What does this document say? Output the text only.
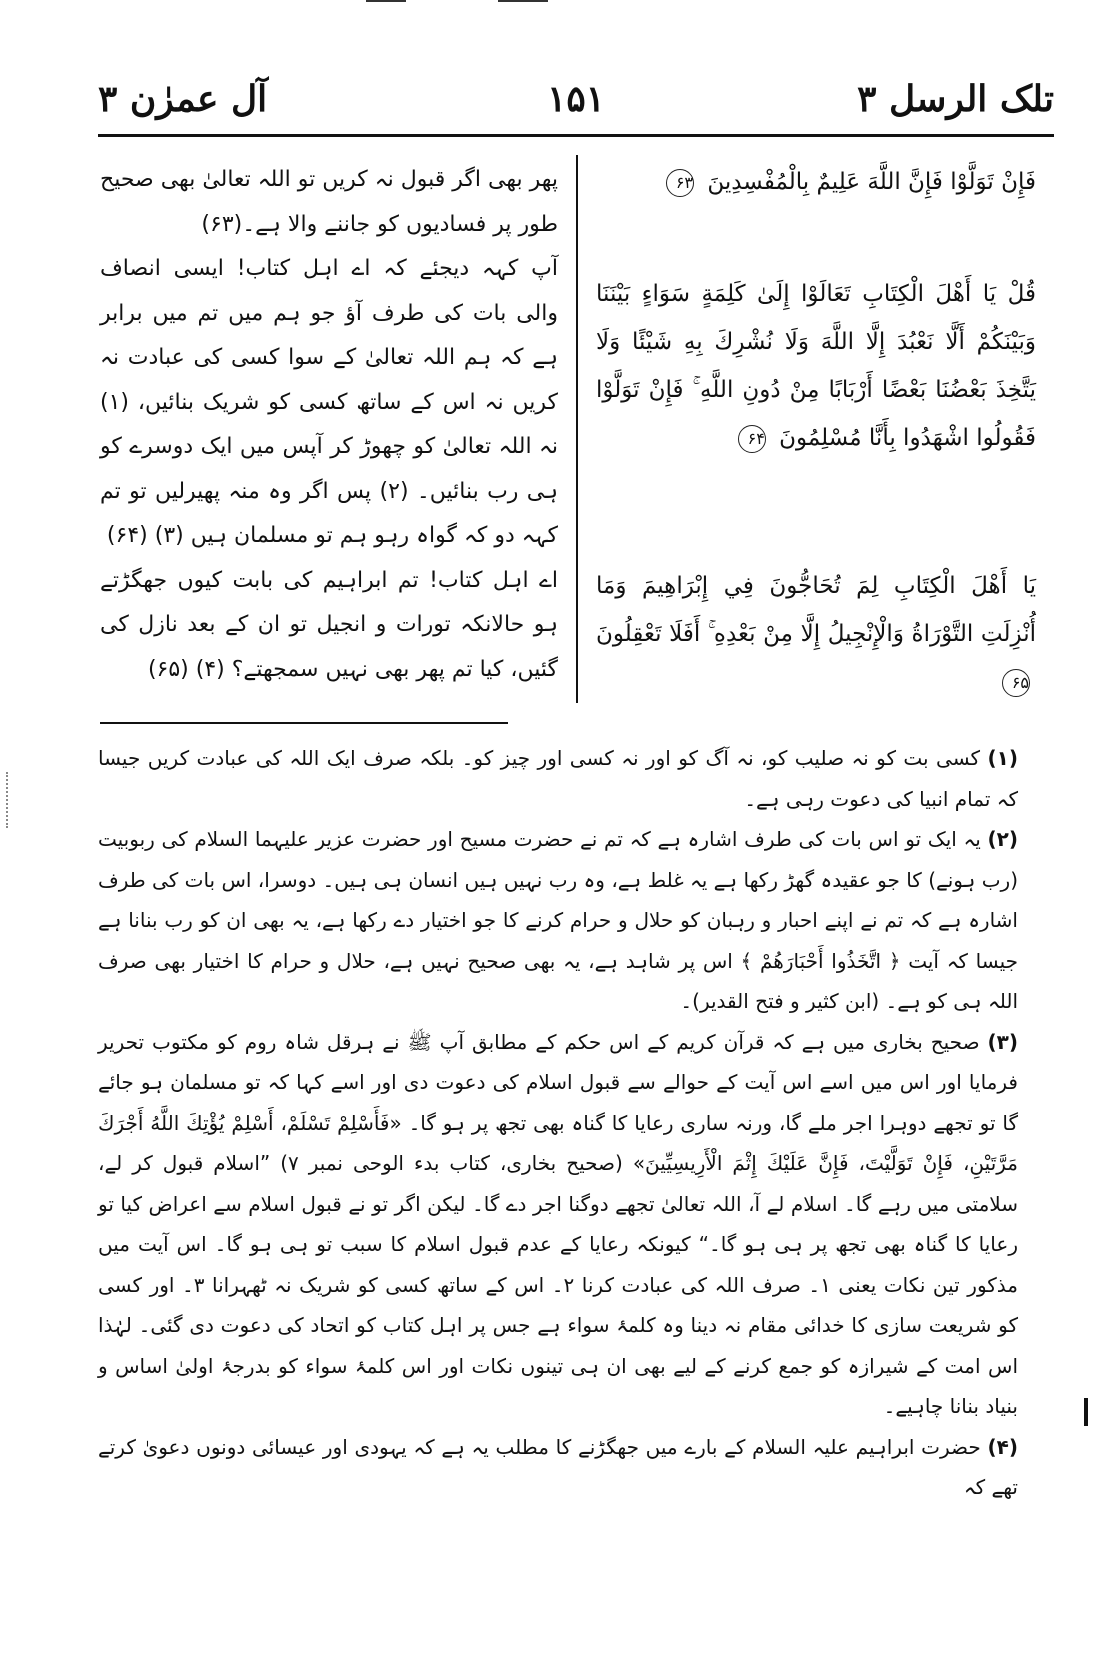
آل عمرٰن ۳	۱۵۱	تلک الرسل ۳

پھر بھی اگر قبول نہ کریں تو اللہ تعالیٰ بھی صحیح طور پر فسادیوں کو جاننے والا ہے۔(۶۳)

آپ کہہ دیجئے کہ اے اہل کتاب! ایسی انصاف والی بات کی طرف آؤ جو ہم میں تم میں برابر ہے کہ ہم اللہ تعالیٰ کے سوا کسی کی عبادت نہ کریں نہ اس کے ساتھ کسی کو شریک بنائیں، (۱) نہ اللہ تعالیٰ کو چھوڑ کر آپس میں ایک دوسرے کو ہی رب بنائیں۔ (۲) پس اگر وہ منہ پھیرلیں تو تم کہہ دو کہ گواہ رہو ہم تو مسلمان ہیں (۳) (۶۴)

اے اہل کتاب! تم ابراہیم کی بابت کیوں جھگڑتے ہو حالانکہ تورات و انجیل تو ان کے بعد نازل کی گئیں، کیا تم پھر بھی نہیں سمجھتے؟ (۴) (۶۵)

فَإِنْ تَوَلَّوْا فَإِنَّ اللَّهَ عَلِيمٌ بِالْمُفْسِدِينَ ۶۳
قُلْ يَا أَهْلَ الْكِتَابِ تَعَالَوْا إِلَىٰ كَلِمَةٍ سَوَاءٍ بَيْنَنَا وَبَيْنَكُمْ أَلَّا نَعْبُدَ إِلَّا اللَّهَ وَلَا نُشْرِكَ بِهِ شَيْئًا وَلَا يَتَّخِذَ بَعْضُنَا بَعْضًا أَرْبَابًا مِنْ دُونِ اللَّهِ ۚ فَإِنْ تَوَلَّوْا فَقُولُوا اشْهَدُوا بِأَنَّا مُسْلِمُونَ ۶۴
يَا أَهْلَ الْكِتَابِ لِمَ تُحَاجُّونَ فِي إِبْرَاهِيمَ وَمَا أُنْزِلَتِ التَّوْرَاةُ وَالْإِنْجِيلُ إِلَّا مِنْ بَعْدِهِ ۚ أَفَلَا تَعْقِلُونَ ۶۵

(۱) کسی بت کو نہ صلیب کو، نہ آگ کو اور نہ کسی اور چیز کو۔ بلکہ صرف ایک اللہ کی عبادت کریں جیسا کہ تمام انبیا کی دعوت رہی ہے۔

(۲) یہ ایک تو اس بات کی طرف اشارہ ہے کہ تم نے حضرت مسیح اور حضرت عزیر علیہما السلام کی ربوبیت (رب ہونے) کا جو عقیدہ گھڑ رکھا ہے یہ غلط ہے، وہ رب نہیں ہیں انسان ہی ہیں۔ دوسرا، اس بات کی طرف اشارہ ہے کہ تم نے اپنے احبار و رہبان کو حلال و حرام کرنے کا جو اختیار دے رکھا ہے، یہ بھی ان کو رب بنانا ہے جیسا کہ آیت ﴿ اتَّخَذُوا أَحْبَارَهُمْ ﴾ اس پر شاہد ہے، یہ بھی صحیح نہیں ہے، حلال و حرام کا اختیار بھی صرف اللہ ہی کو ہے۔ (ابن کثیر و فتح القدیر)۔

(۳) صحیح بخاری میں ہے کہ قرآن کریم کے اس حکم کے مطابق آپ ﷺ نے ہرقل شاہ روم کو مکتوب تحریر فرمایا اور اس میں اسے اس آیت کے حوالے سے قبول اسلام کی دعوت دی اور اسے کہا کہ تو مسلمان ہو جائے گا تو تجھے دوہرا اجر ملے گا، ورنہ ساری رعایا کا گناہ بھی تجھ پر ہو گا۔ «فَأَسْلِمْ تَسْلَمْ، أَسْلِمْ يُؤْتِكَ اللَّهُ أَجْرَكَ مَرَّتَيْنِ، فَإِنْ تَوَلَّيْتَ، فَإِنَّ عَلَيْكَ إِثْمَ الْأَرِيسِيِّينَ» (صحیح بخاری، کتاب بدء الوحی نمبر ۷) ”اسلام قبول کر لے، سلامتی میں رہے گا۔ اسلام لے آ، اللہ تعالیٰ تجھے دوگنا اجر دے گا۔ لیکن اگر تو نے قبول اسلام سے اعراض کیا تو رعایا کا گناہ بھی تجھ پر ہی ہو گا۔“ کیونکہ رعایا کے عدم قبول اسلام کا سبب تو ہی ہو گا۔ اس آیت میں مذکور تین نکات یعنی ۱۔ صرف اللہ کی عبادت کرنا ۲۔ اس کے ساتھ کسی کو شریک نہ ٹھہرانا ۳۔ اور کسی کو شریعت سازی کا خدائی مقام نہ دینا وہ کلمۂ سواء ہے جس پر اہل کتاب کو اتحاد کی دعوت دی گئی۔ لہٰذا اس امت کے شیرازہ کو جمع کرنے کے لیے بھی ان ہی تینوں نکات اور اس کلمۂ سواء کو بدرجۂ اولیٰ اساس و بنیاد بنانا چاہیے۔

(۴) حضرت ابراہیم علیہ السلام کے بارے میں جھگڑنے کا مطلب یہ ہے کہ یہودی اور عیسائی دونوں دعویٰ کرتے تھے کہ
